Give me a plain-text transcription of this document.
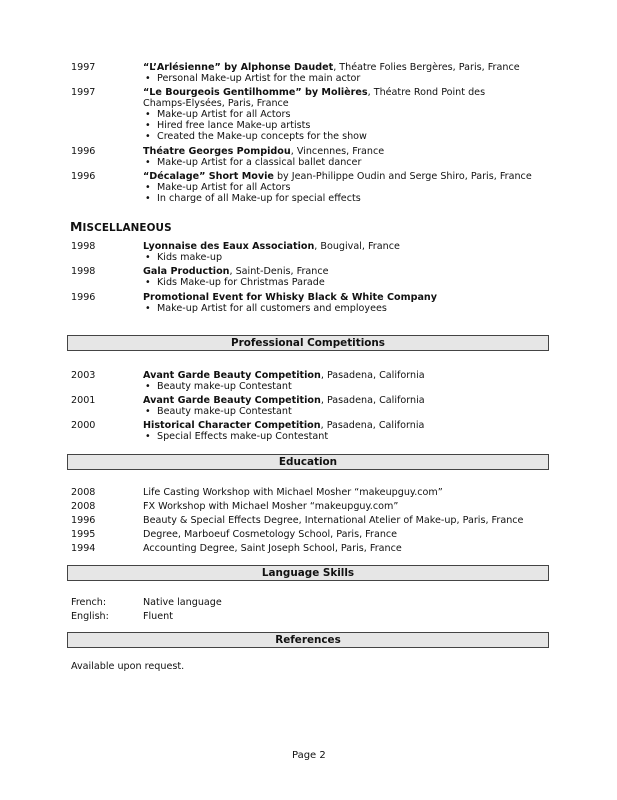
1997	“L’Arlésienne” by Alphonse Daudet, Théatre Folies Bergères, Paris, France
• Personal Make-up Artist for the main actor
1997	“Le Bourgeois Gentilhomme” by Molières, Théatre Rond Point des Champs-Elysées, Paris, France
• Make-up Artist for all Actors
• Hired free lance Make-up artists
• Created the Make-up concepts for the show
1996	Théatre Georges Pompidou, Vincennes, France
• Make-up Artist for a classical ballet dancer
1996	“Décalage” Short Movie by Jean-Philippe Oudin and Serge Shiro, Paris, France
• Make-up Artist for all Actors
• In charge of all Make-up for special effects
MISCELLANEOUS
1998	Lyonnaise des Eaux Association, Bougival, France
• Kids make-up
1998	Gala Production, Saint-Denis, France
• Kids Make-up for Christmas Parade
1996	Promotional Event for Whisky Black & White Company
• Make-up Artist for all customers and employees
Professional Competitions
2003	Avant Garde Beauty Competition, Pasadena, California
• Beauty make-up Contestant
2001	Avant Garde Beauty Competition, Pasadena, California
• Beauty make-up Contestant
2000	Historical Character Competition, Pasadena, California
• Special Effects make-up Contestant
Education
2008	Life Casting Workshop with Michael Mosher “makeupguy.com”
2008	FX Workshop with Michael Mosher “makeupguy.com”
1996	Beauty & Special Effects Degree, International Atelier of Make-up, Paris, France
1995	Degree, Marboeuf Cosmetology School, Paris, France
1994	Accounting Degree, Saint Joseph School, Paris, France
Language Skills
French:	Native language
English:	Fluent
References
Available upon request.
Page 2
